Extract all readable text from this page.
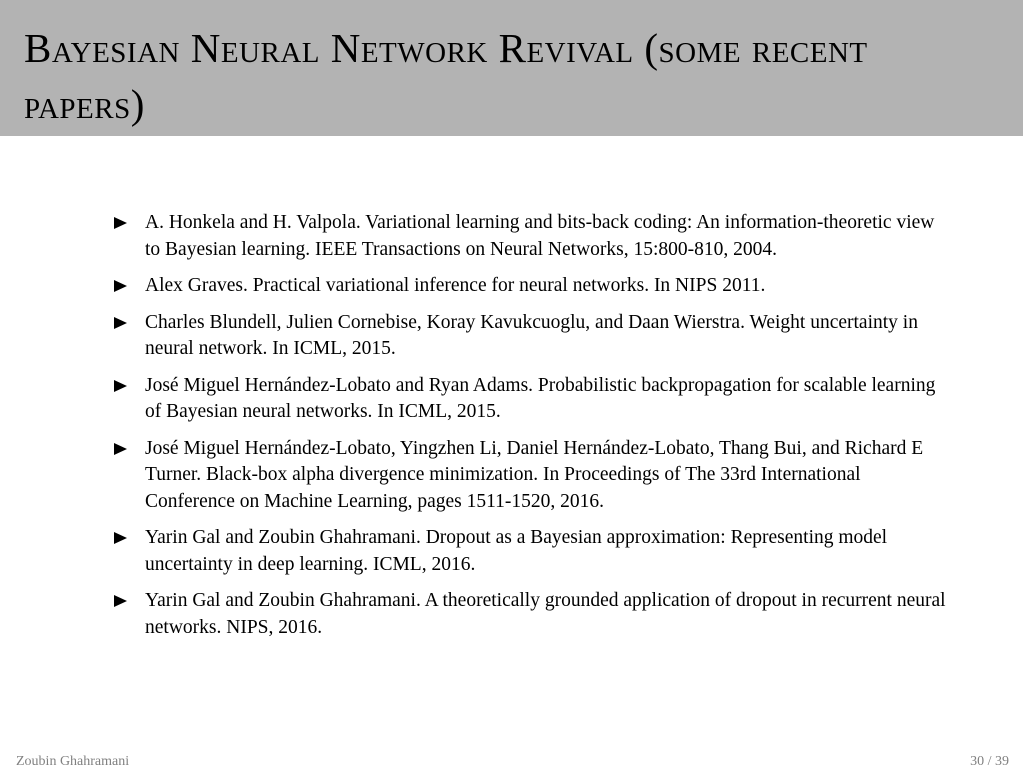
Bayesian Neural Network Revival (some recent papers)
A. Honkela and H. Valpola. Variational learning and bits-back coding: An information-theoretic view to Bayesian learning. IEEE Transactions on Neural Networks, 15:800-810, 2004.
Alex Graves. Practical variational inference for neural networks. In NIPS 2011.
Charles Blundell, Julien Cornebise, Koray Kavukcuoglu, and Daan Wierstra. Weight uncertainty in neural network. In ICML, 2015.
José Miguel Hernández-Lobato and Ryan Adams. Probabilistic backpropagation for scalable learning of Bayesian neural networks. In ICML, 2015.
José Miguel Hernández-Lobato, Yingzhen Li, Daniel Hernández-Lobato, Thang Bui, and Richard E Turner. Black-box alpha divergence minimization. In Proceedings of The 33rd International Conference on Machine Learning, pages 1511-1520, 2016.
Yarin Gal and Zoubin Ghahramani. Dropout as a Bayesian approximation: Representing model uncertainty in deep learning. ICML, 2016.
Yarin Gal and Zoubin Ghahramani. A theoretically grounded application of dropout in recurrent neural networks. NIPS, 2016.
Zoubin Ghahramani	30 / 39
